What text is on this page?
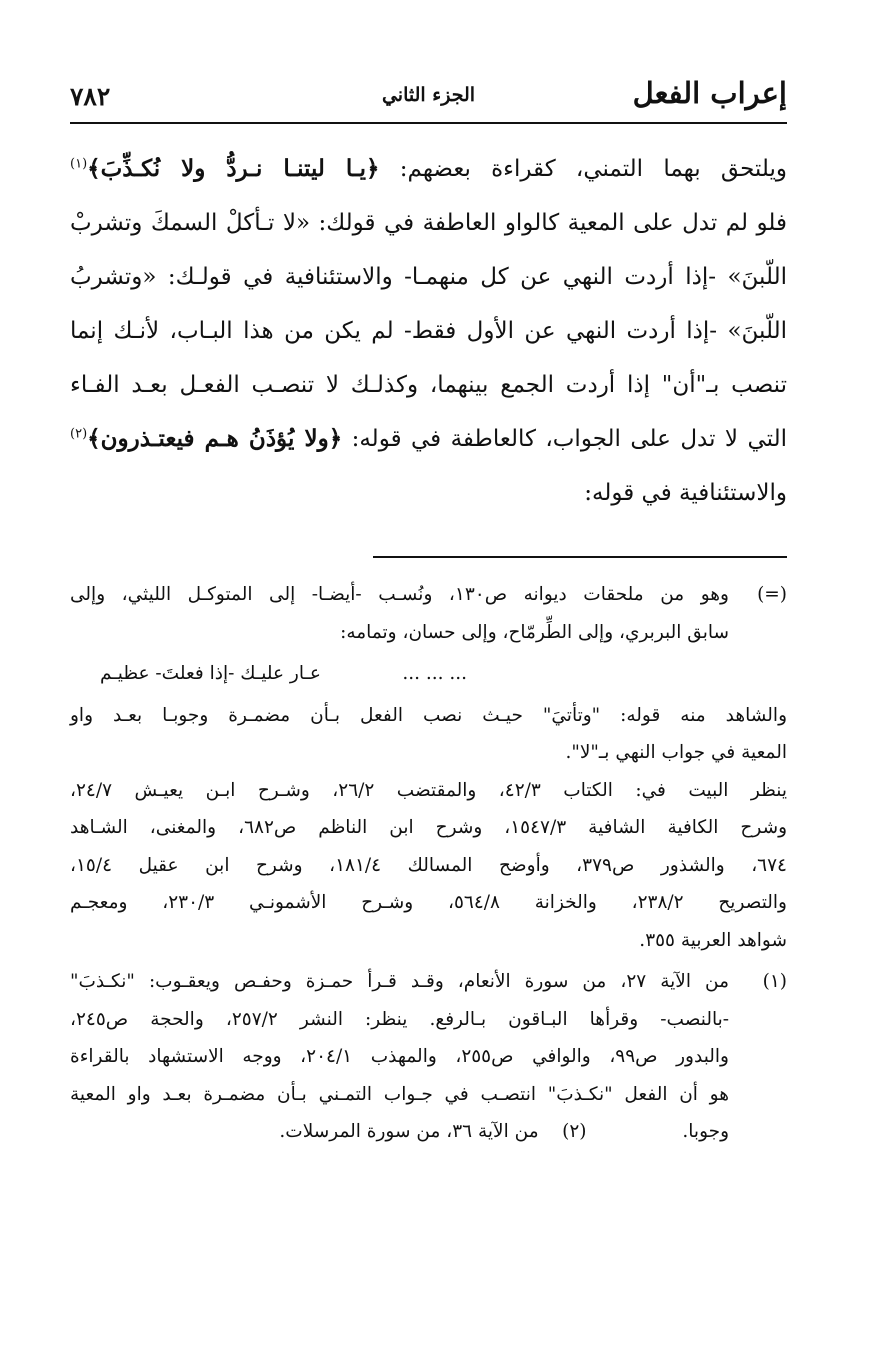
إعراب الفعل
الجزء الثاني
٧٨٢

ويلتحق بهما التمني، كقراءة بعضهم: ﴿يـا ليتنـا نـردُّ ولا نُكـذِّبَ﴾$^{(١)}$
فلو لم تدل على المعية كالواو العاطفة في قولك: «لا تـأكلْ السمكَ وتشربْ
اللّبنَ» -إذا أردت النهي عن كل منهمـا- والاستئنافية في قولـك: «وتشربُ
اللّبنَ» -إذا أردت النهي عن الأول فقط- لم يكن من هذا البـاب، لأنـك إنما
تنصب بـ"أن" إذا أردت الجمع بينهما، وكذلـك لا تنصـب الفعـل بعـد الفـاء
التي لا تدل على الجواب، كالعاطفة في قوله: ﴿ولا يُؤذَنُ هـم فيعتـذرون﴾$^{(٢)}$
والاستئنافية في قوله:

(=)
وهو من ملحقات ديوانه ص١٣٠، ونُسـب -أيضـا- إلى المتوكـل الليثي، وإلى
سابق البربري، وإلى الطِّرمّاح، وإلى حسان، وتمامه:
... ... ...
عـار عليـك -إذا فعلتَ- عظيـم
والشاهد منه قوله: "وتأتيَ" حيـث نصب الفعل بـأن مضمـرة وجوبـا بعـد واو
المعية في جواب النهي بـ"لا".
ينظر البيت في: الكتاب ٤٢/٣، والمقتضب ٢٦/٢، وشـرح ابـن يعيـش ٢٤/٧،
وشرح الكافية الشافية ١٥٤٧/٣، وشرح ابن الناظم ص٦٨٢، والمغنى، الشـاهد
٦٧٤، والشذور ص٣٧٩، وأوضح المسالك ١٨١/٤، وشرح ابن عقيل ١٥/٤،
والتصريح ٢٣٨/٢، والخزانة ٥٦٤/٨، وشـرح الأشمونـي ٢٣٠/٣، ومعجـم
شواهد العربية ٣٥٥.
(١)
من الآية ٢٧، من سورة الأنعام، وقـد قـرأ حمـزة وحفـص ويعقـوب: "نكـذبَ"
-بالنصب- وقرأها البـاقون بـالرفع. ينظر: النشر ٢٥٧/٢، والحجة ص٢٤٥،
والبدور ص٩٩، والوافي ص٢٥٥، والمهذب ٢٠٤/١، ووجه الاستشهاد بالقراءة
هو أن الفعل "نكـذبَ" انتصـب في جـواب التمـني بـأن مضمـرة بعـد واو المعية
وجوبا. (٢)    من الآية ٣٦، من سورة المرسلات.
